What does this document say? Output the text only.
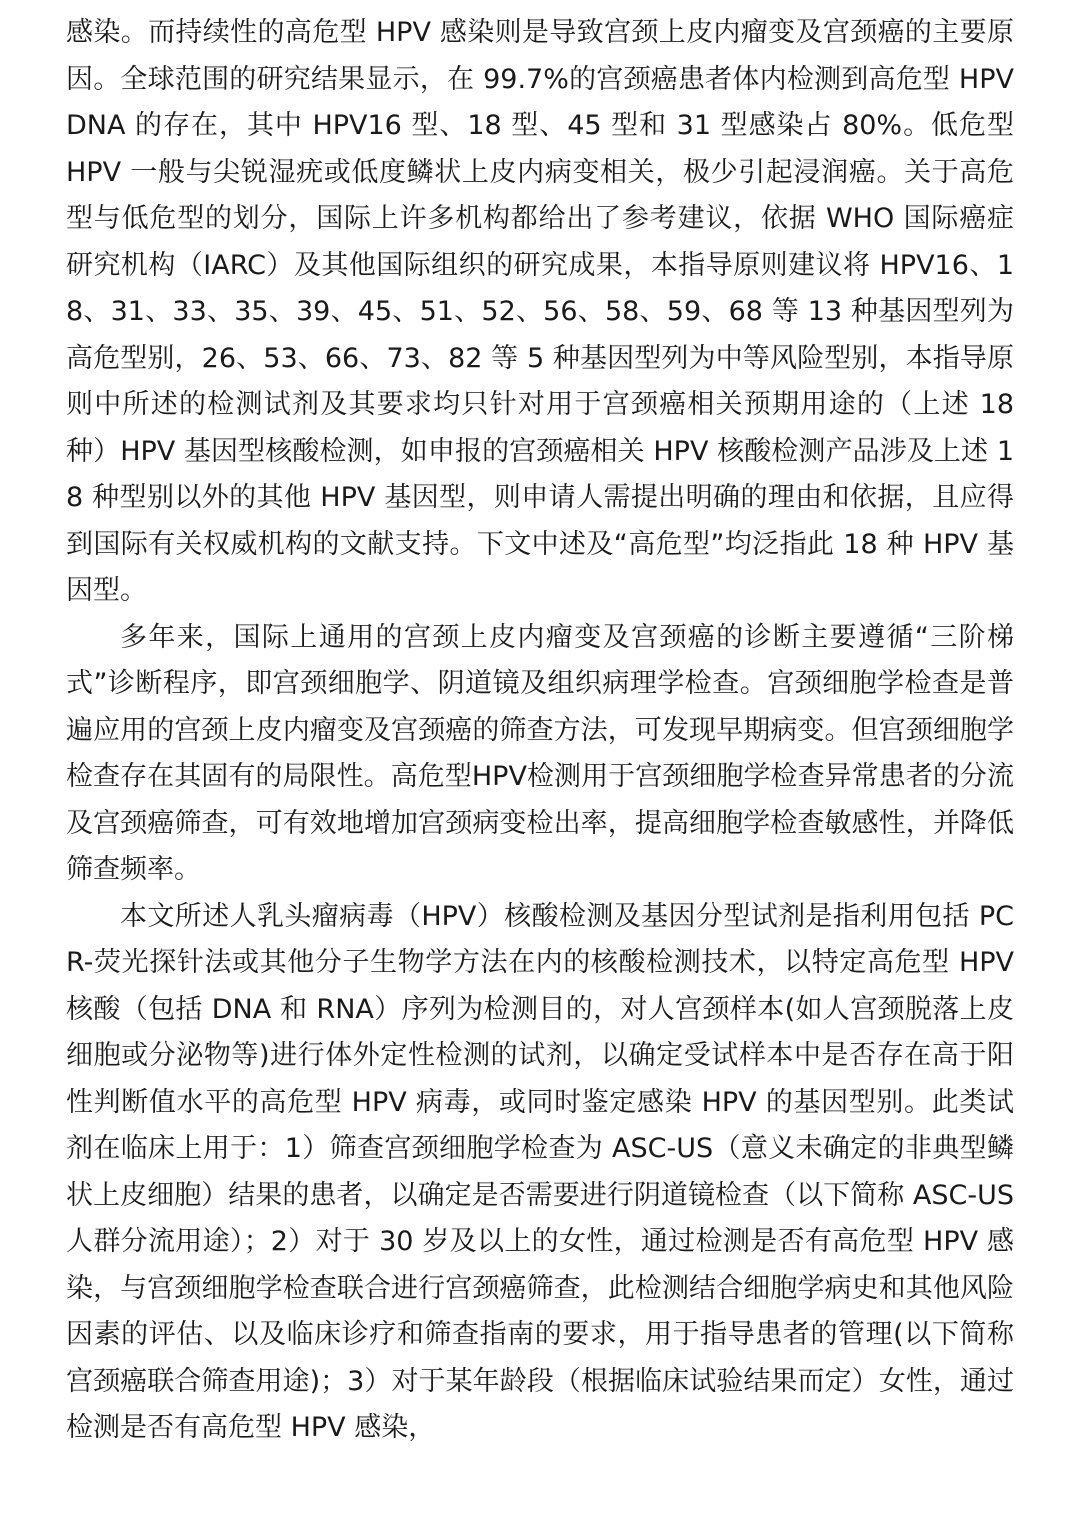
感染。而持续性的高危型 HPV 感染则是导致宫颈上皮内瘤变及宫颈癌的主要原因。全球范围的研究结果显示，在 99.7%的宫颈癌患者体内检测到高危型 HPV DNA 的存在，其中 HPV16 型、18 型、45 型和 31 型感染占 80%。低危型 HPV 一般与尖锐湿疣或低度鳞状上皮内病变相关，极少引起浸润癌。关于高危型与低危型的划分，国际上许多机构都给出了参考建议，依据 WHO 国际癌症研究机构（IARC）及其他国际组织的研究成果，本指导原则建议将 HPV16、18、31、33、35、39、45、51、52、56、58、59、68 等 13 种基因型列为高危型别，26、53、66、73、82 等 5 种基因型列为中等风险型别，本指导原则中所述的检测试剂及其要求均只针对用于宫颈癌相关预期用途的（上述 18 种）HPV 基因型核酸检测，如申报的宫颈癌相关 HPV 核酸检测产品涉及上述 18 种型别以外的其他 HPV 基因型，则申请人需提出明确的理由和依据，且应得到国际有关权威机构的文献支持。下文中述及“高危型”均泛指此 18 种 HPV 基因型。

多年来，国际上通用的宫颈上皮内瘤变及宫颈癌的诊断主要遵循“三阶梯式”诊断程序，即宫颈细胞学、阴道镜及组织病理学检查。宫颈细胞学检查是普遍应用的宫颈上皮内瘤变及宫颈癌的筛查方法，可发现早期病变。但宫颈细胞学检查存在其固有的局限性。高危型HPV检测用于宫颈细胞学检查异常患者的分流及宫颈癌筛查，可有效地增加宫颈病变检出率，提高细胞学检查敏感性，并降低筛查频率。

本文所述人乳头瘤病毒（HPV）核酸检测及基因分型试剂是指利用包括 PCR-荧光探针法或其他分子生物学方法在内的核酸检测技术，以特定高危型 HPV 核酸（包括 DNA 和 RNA）序列为检测目的，对人宫颈样本(如人宫颈脱落上皮细胞或分泌物等)进行体外定性检测的试剂，以确定受试样本中是否存在高于阳性判断值水平的高危型 HPV 病毒，或同时鉴定感染 HPV 的基因型别。此类试剂在临床上用于：1）筛查宫颈细胞学检查为 ASC-US（意义未确定的非典型鳞状上皮细胞）结果的患者，以确定是否需要进行阴道镜检查（以下简称 ASC-US 人群分流用途）；2）对于 30 岁及以上的女性，通过检测是否有高危型 HPV 感染，与宫颈细胞学检查联合进行宫颈癌筛查，此检测结合细胞学病史和其他风险因素的评估、以及临床诊疗和筛查指南的要求，用于指导患者的管理(以下简称宫颈癌联合筛查用途)；3）对于某年龄段（根据临床试验结果而定）女性，通过检测是否有高危型 HPV 感染，
